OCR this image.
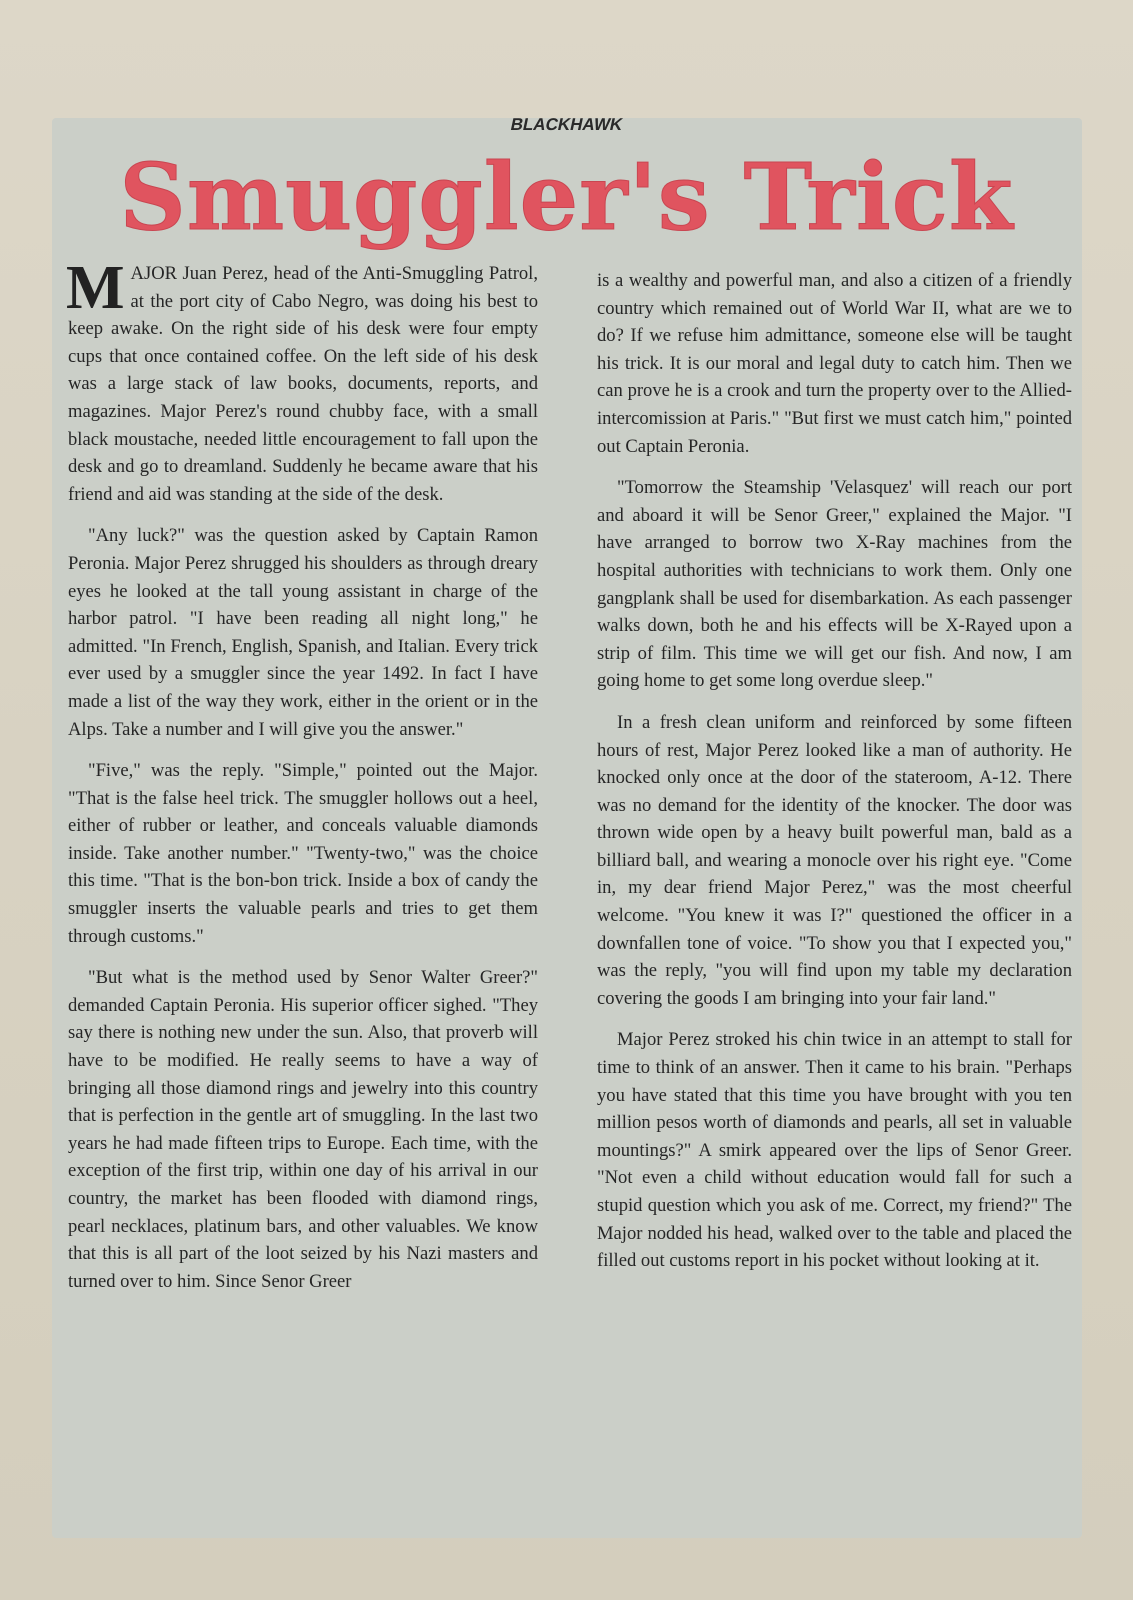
BLACKHAWK
Smuggler's Trick

MAJOR Juan Perez, head of the Anti-Smuggling Patrol, at the port city of Cabo Negro, was doing his best to keep awake. On the right side of his desk were four empty cups that once contained coffee. On the left side of his desk was a large stack of law books, documents, reports, and magazines. Major Perez's round chubby face, with a small black moustache, needed little encouragement to fall upon the desk and go to dreamland. Suddenly he became aware that his friend and aid was standing at the side of the desk.

"Any luck?" was the question asked by Captain Ramon Peronia. Major Perez shrugged his shoulders as through dreary eyes he looked at the tall young assistant in charge of the harbor patrol. "I have been reading all night long," he admitted. "In French, English, Spanish, and Italian. Every trick ever used by a smuggler since the year 1492. In fact I have made a list of the way they work, either in the orient or in the Alps. Take a number and I will give you the answer."

"Five," was the reply. "Simple," pointed out the Major. "That is the false heel trick. The smuggler hollows out a heel, either of rubber or leather, and conceals valuable diamonds inside. Take another number." "Twenty-two," was the choice this time. "That is the bon-bon trick. Inside a box of candy the smuggler inserts the valuable pearls and tries to get them through customs."

"But what is the method used by Senor Walter Greer?" demanded Captain Peronia. His superior officer sighed. "They say there is nothing new under the sun. Also, that proverb will have to be modified. He really seems to have a way of bringing all those diamond rings and jewelry into this country that is perfection in the gentle art of smuggling. In the last two years he had made fifteen trips to Europe. Each time, with the exception of the first trip, within one day of his arrival in our country, the market has been flooded with diamond rings, pearl necklaces, platinum bars, and other valuables. We know that this is all part of the loot seized by his Nazi masters and turned over to him. Since Senor Greer

is a wealthy and powerful man, and also a citizen of a friendly country which remained out of World War II, what are we to do? If we refuse him admittance, someone else will be taught his trick. It is our moral and legal duty to catch him. Then we can prove he is a crook and turn the property over to the Allied-intercomission at Paris." "But first we must catch him," pointed out Captain Peronia.

"Tomorrow the Steamship 'Velasquez' will reach our port and aboard it will be Senor Greer," explained the Major. "I have arranged to borrow two X-Ray machines from the hospital authorities with technicians to work them. Only one gangplank shall be used for disembarkation. As each passenger walks down, both he and his effects will be X-Rayed upon a strip of film. This time we will get our fish. And now, I am going home to get some long overdue sleep."

In a fresh clean uniform and reinforced by some fifteen hours of rest, Major Perez looked like a man of authority. He knocked only once at the door of the stateroom, A-12. There was no demand for the identity of the knocker. The door was thrown wide open by a heavy built powerful man, bald as a billiard ball, and wearing a monocle over his right eye. "Come in, my dear friend Major Perez," was the most cheerful welcome. "You knew it was I?" questioned the officer in a downfallen tone of voice. "To show you that I expected you," was the reply, "you will find upon my table my declaration covering the goods I am bringing into your fair land."

Major Perez stroked his chin twice in an attempt to stall for time to think of an answer. Then it came to his brain. "Perhaps you have stated that this time you have brought with you ten million pesos worth of diamonds and pearls, all set in valuable mountings?" A smirk appeared over the lips of Senor Greer. "Not even a child without education would fall for such a stupid question which you ask of me. Correct, my friend?" The Major nodded his head, walked over to the table and placed the filled out customs report in his pocket without looking at it.
